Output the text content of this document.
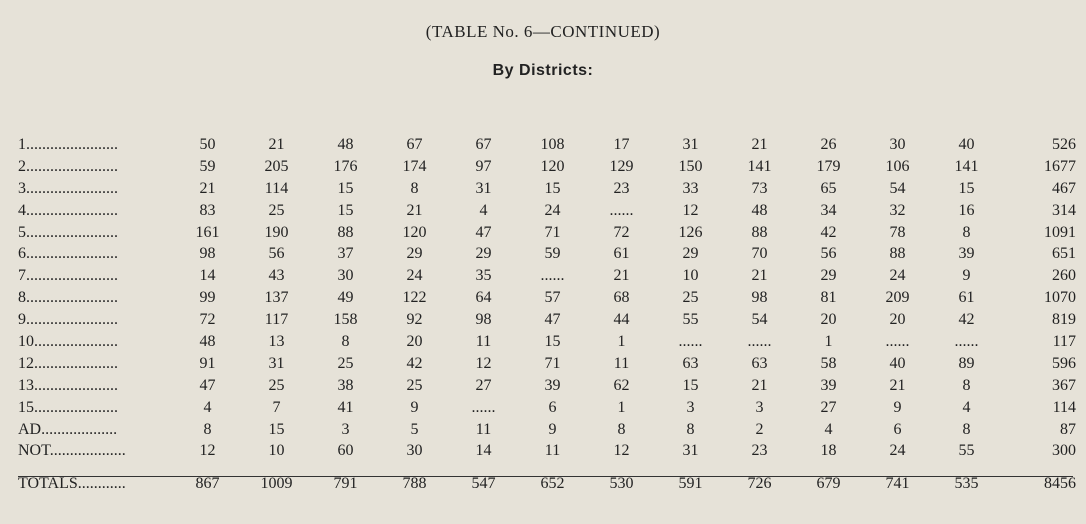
(TABLE No. 6—CONTINUED)
By Districts:
1.......................	50	21	48	67	67	108	17	31	21	26	30	40	526
2.......................	59	205	176	174	97	120	129	150	141	179	106	141	1677
3.......................	21	114	15	8	31	15	23	33	73	65	54	15	467
4.......................	83	25	15	21	4	24	......	12	48	34	32	16	314
5.......................	161	190	88	120	47	71	72	126	88	42	78	8	1091
6.......................	98	56	37	29	29	59	61	29	70	56	88	39	651
7.......................	14	43	30	24	35	......	21	10	21	29	24	9	260
8.......................	99	137	49	122	64	57	68	25	98	81	209	61	1070
9.......................	72	117	158	92	98	47	44	55	54	20	20	42	819
10.....................	48	13	8	20	11	15	1	......	......	1	......	......	117
12.....................	91	31	25	42	12	71	11	63	63	58	40	89	596
13.....................	47	25	38	25	27	39	62	15	21	39	21	8	367
15.....................	4	7	41	9	......	6	1	3	3	27	9	4	114
AD...................	8	15	3	5	11	9	8	8	2	4	6	8	87
NOT...................	12	10	60	30	14	11	12	31	23	18	24	55	300
TOTALS............	867	1009	791	788	547	652	530	591	726	679	741	535	8456
